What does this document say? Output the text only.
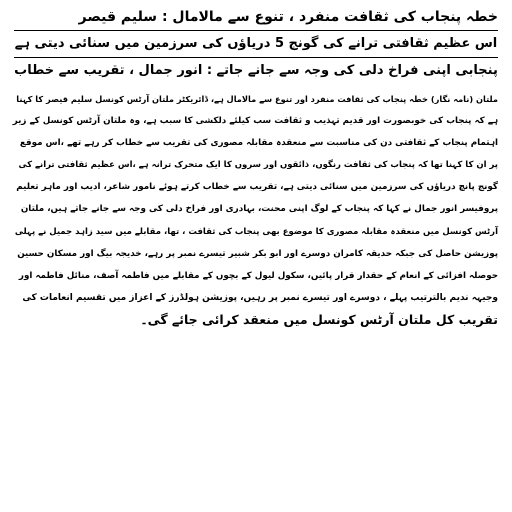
خطہ پنجاب کی ثقافت منفرد ، تنوع سے مالامال : سلیم قیصر
اس عظیم ثقافتی ترانے کی گونج 5 دریاؤں کی سرزمین میں سنائی دیتی ہے
پنجابی اپنی فراخ دلی کی وجہ سے جانے جاتے : انور جمال ، تقریب سے خطاب
ملتان (نامہ نگار) خطہ پنجاب کی ثقافت منفرد اور تنوع سے مالامال ہے، ڈائریکٹر ملتان آرٹس کونسل سلیم قیصر کا کہنا
ہے کہ پنجاب کی خوبصورت اور قدیم تہذیب و ثقافت سب کیلئے دلکشی کا سبب ہے، وہ ملتان آرٹس کونسل کے زیر
اہتمام پنجاب کے ثقافتی دن کی مناسبت سے منعقدہ مقابلہ مصوری کی تقریب سے خطاب کر رہے تھے ،اس موقع
پر ان کا کہنا تھا کہ پنجاب کی ثقافت رنگوں، ذائقوں اور سروں کا ایک متحرک ترانہ ہے ،اس عظیم ثقافتی ترانے کی
گونج پانچ دریاؤں کی سرزمین میں سنائی دیتی ہے، تقریب سے خطاب کرتے ہوئے نامور شاعر، ادیب اور ماہر تعلیم
پروفیسر انور جمال نے کہا کہ پنجاب کے لوگ اپنی محنت، بہادری اور فراخ دلی کی وجہ سے جانے جاتے ہیں، ملتان
آرٹس کونسل میں منعقدہ مقابلہ مصوری کا موضوع بھی پنجاب کی ثقافت ، تھا، مقابلے میں سید زاہد جمیل نے پہلی
پوزیشن حاصل کی جبکہ حدیقہ کامران دوسرے اور ابو بکر شبیر تیسرے نمبر پر رہے، خدیجہ بیگ اور مسکان حسین
حوصلہ افزائی کے انعام کے حقدار قرار پائیں، سکول لیول کے بچوں کے مقابلے میں فاطمہ آصف، منائل فاطمہ اور
وجیہہ ندیم بالترتیب پہلے ، دوسرے اور تیسرے نمبر پر رہیں، پوزیشن ہولڈرز کے اعزاز میں تقسیم انعامات کی
تقریب کل ملتان آرٹس کونسل میں منعقد کرائی جائے گی۔
